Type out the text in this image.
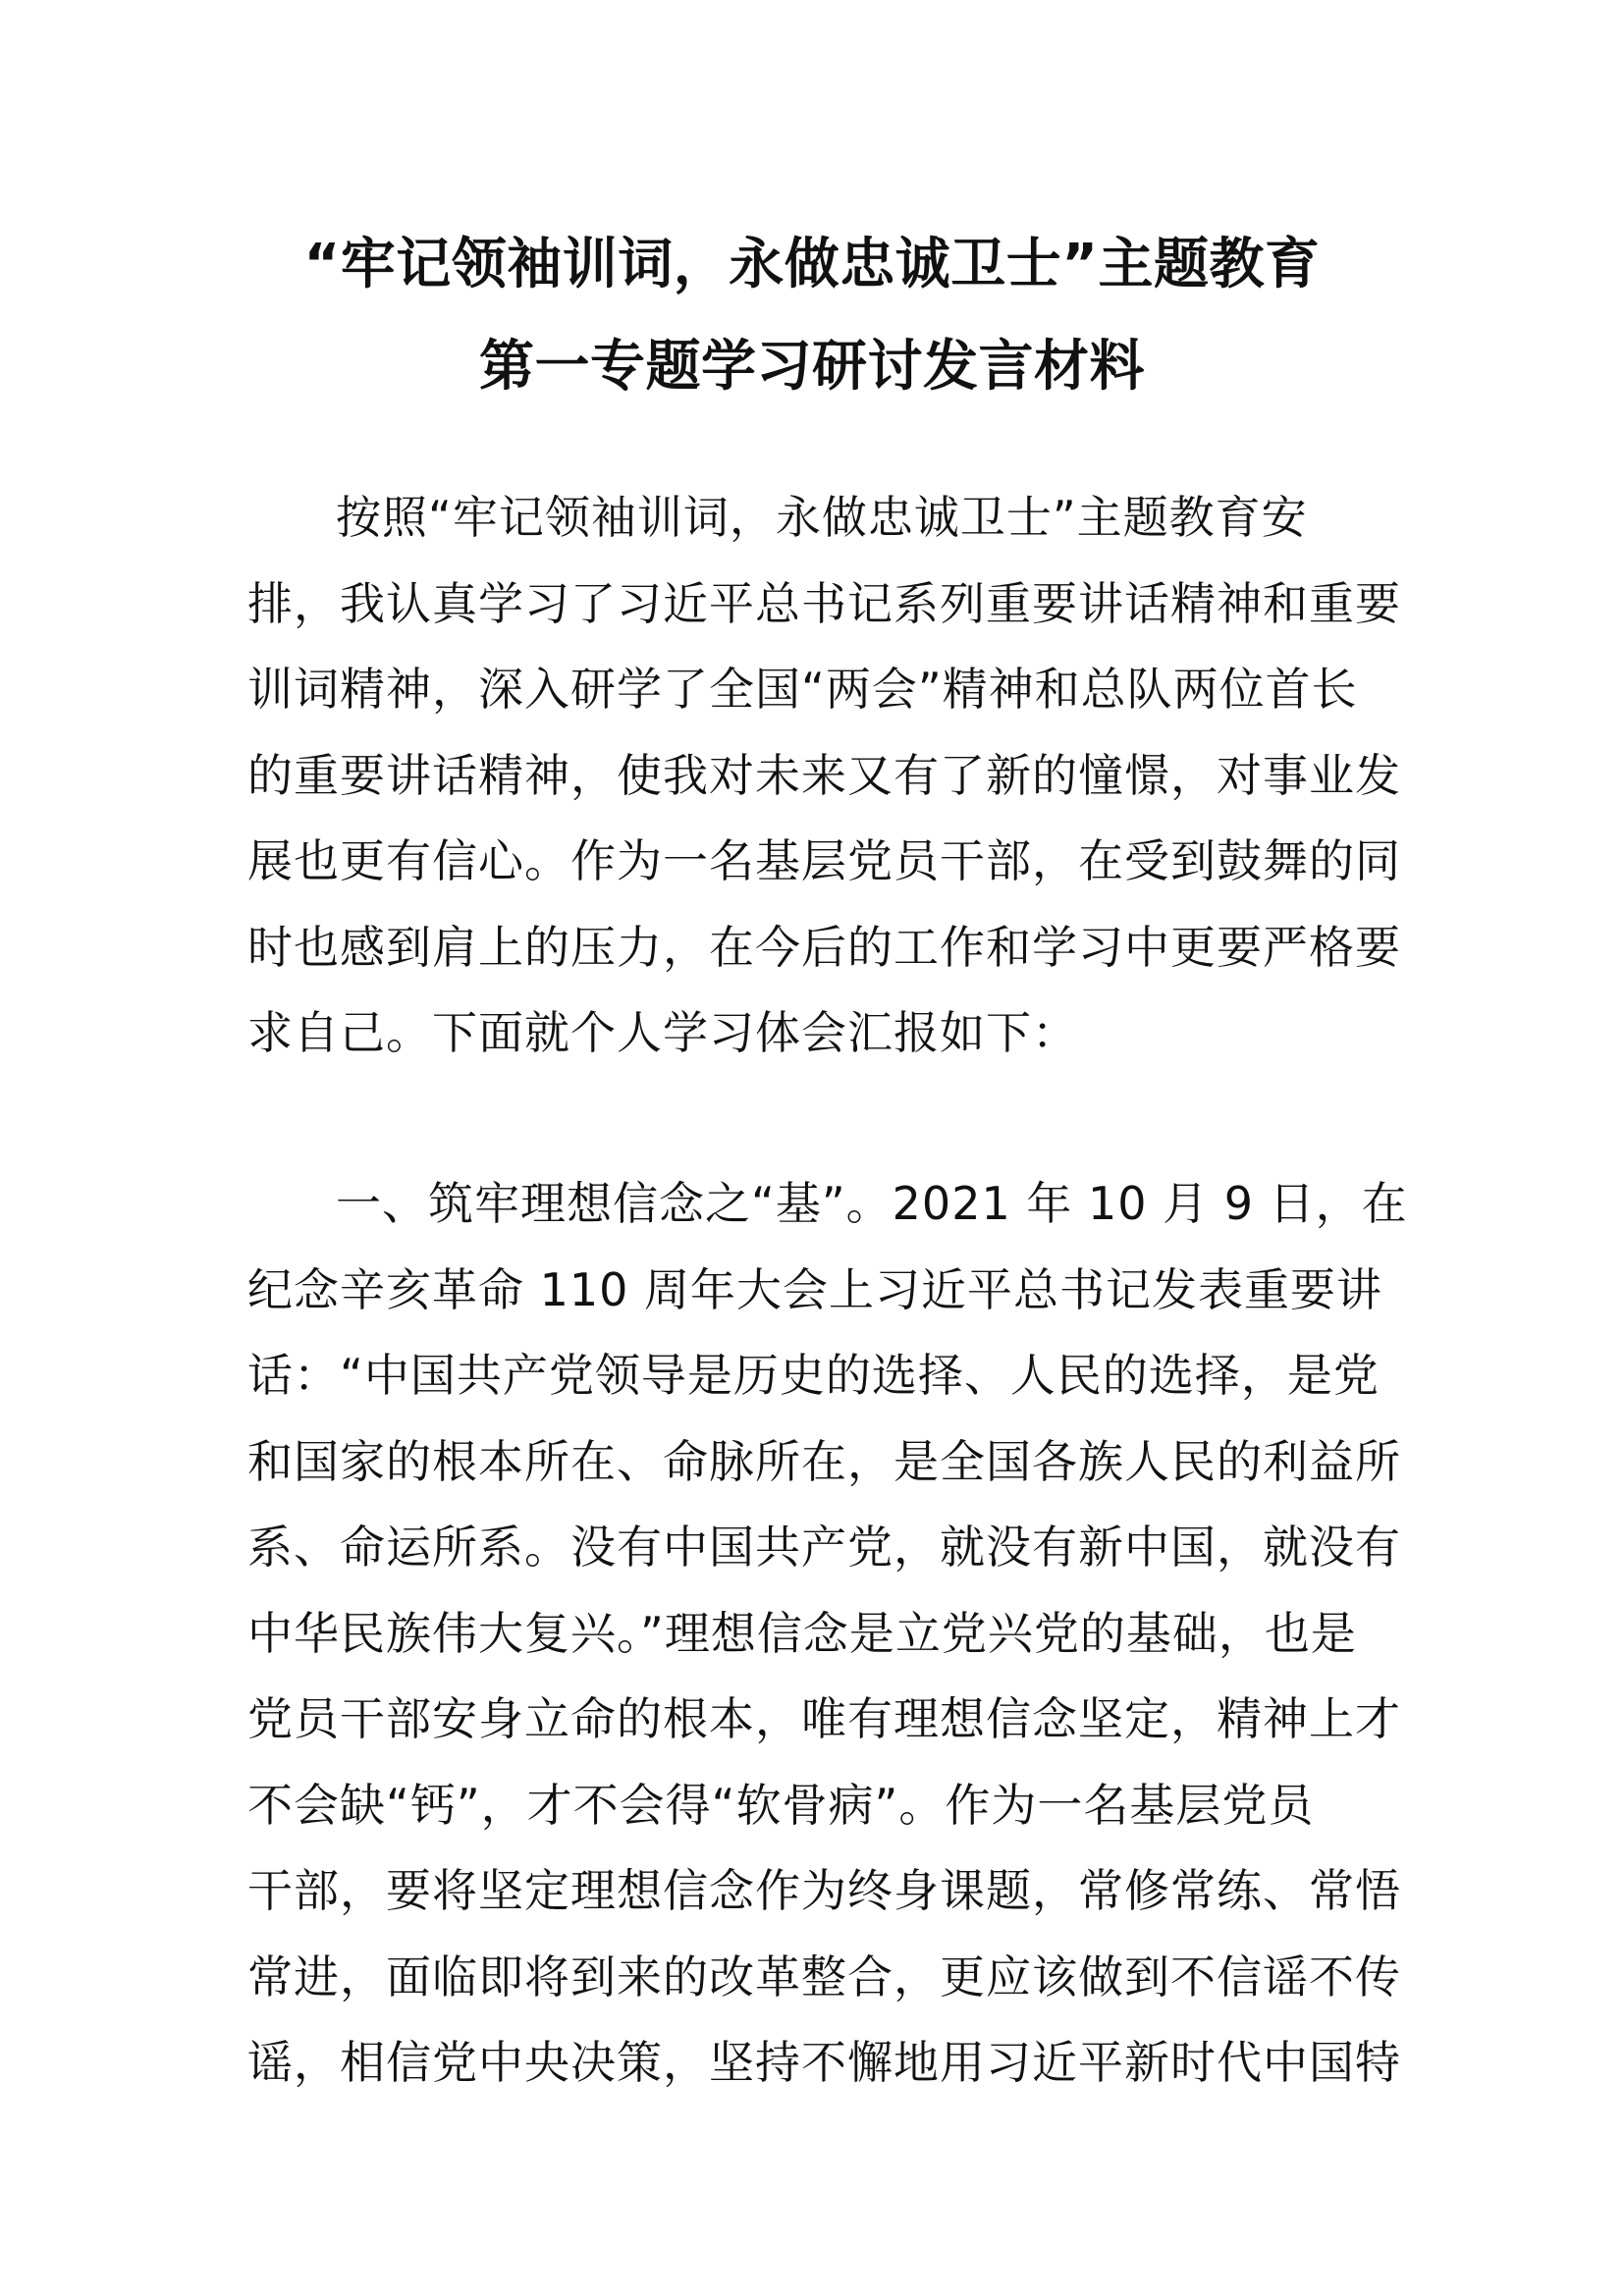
“牢记领袖训词，永做忠诚卫士”主题教育
第一专题学习研讨发言材料
按照“牢记领袖训词，永做忠诚卫士”主题教育安
排，我认真学习了习近平总书记系列重要讲话精神和重要
训词精神，深入研学了全国“两会”精神和总队两位首长
的重要讲话精神，使我对未来又有了新的憧憬，对事业发
展也更有信心。作为一名基层党员干部，在受到鼓舞的同
时也感到肩上的压力，在今后的工作和学习中更要严格要
求自己。下面就个人学习体会汇报如下：
一、筑牢理想信念之“基”。2021 年 10 月 9 日，在
纪念辛亥革命 110 周年大会上习近平总书记发表重要讲
话：“中国共产党领导是历史的选择、人民的选择，是党
和国家的根本所在、命脉所在，是全国各族人民的利益所
系、命运所系。没有中国共产党，就没有新中国，就没有
中华民族伟大复兴。”理想信念是立党兴党的基础，也是
党员干部安身立命的根本，唯有理想信念坚定，精神上才
不会缺“钙”，才不会得“软骨病”。作为一名基层党员
干部，要将坚定理想信念作为终身课题，常修常练、常悟
常进，面临即将到来的改革整合，更应该做到不信谣不传
谣，相信党中央决策，坚持不懈地用习近平新时代中国特
